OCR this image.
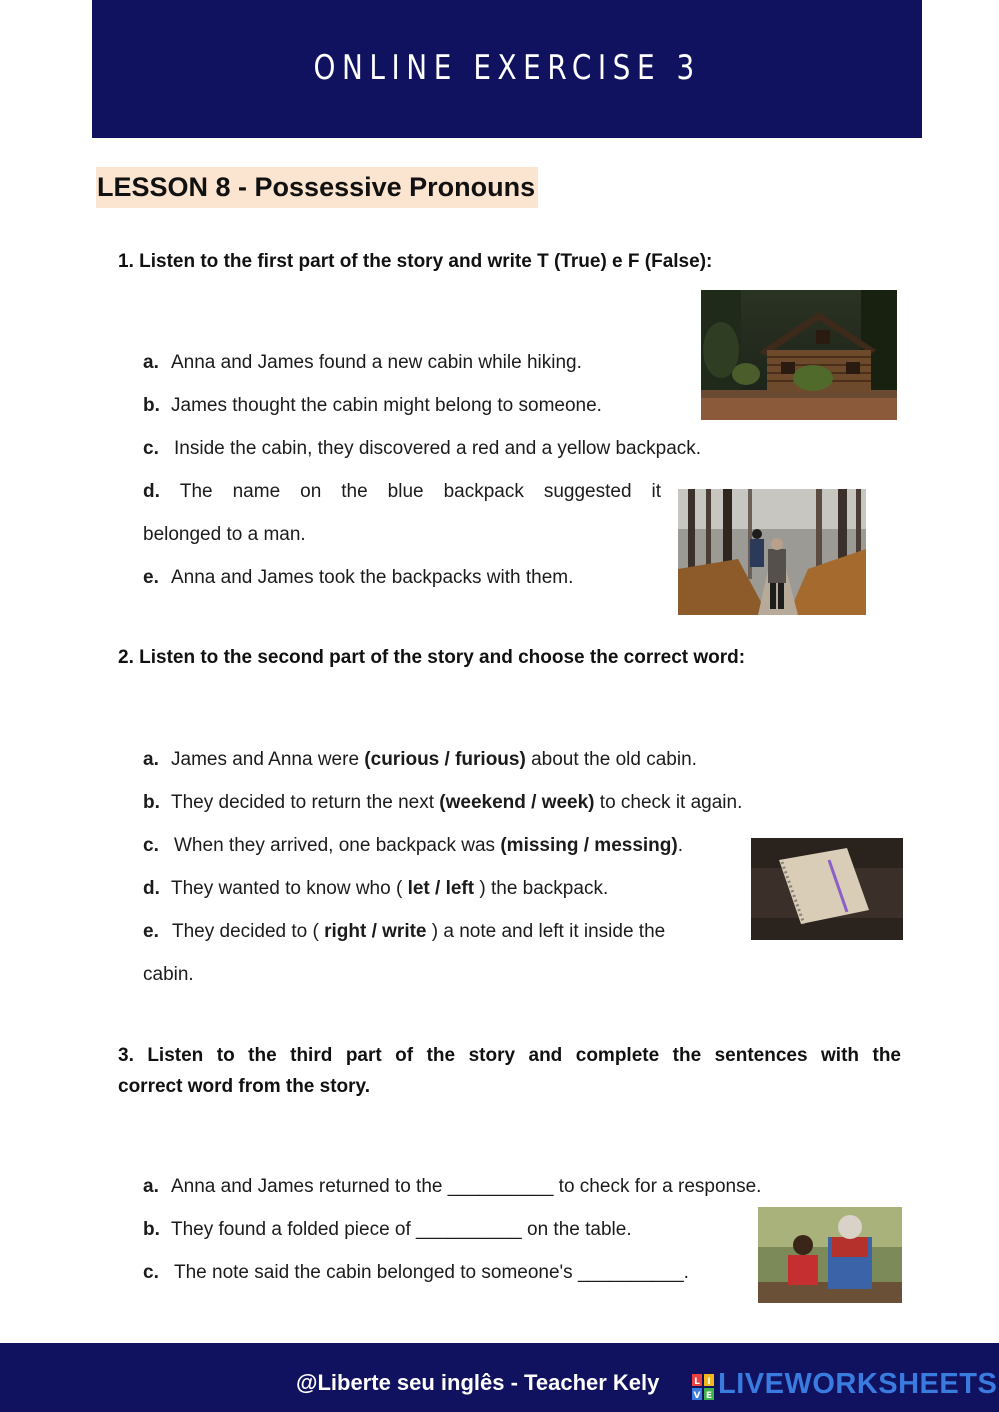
ONLINE EXERCISE 3
LESSON 8 - Possessive Pronouns
1. Listen to the first part of the story and write T (True) e F (False):
a. Anna and James found a new cabin while hiking.
b. James thought the cabin might belong to someone.
c. Inside the cabin, they discovered a red and a yellow backpack.
d. The name on the blue backpack suggested it
belonged to a man.
e. Anna and James took the backpacks with them.
2. Listen to the second part of the story and choose the correct word:
a. James and Anna were (curious / furious) about the old cabin.
b. They decided to return the next (weekend / week) to check it again.
c. When they arrived, one backpack was (missing / messing).
d. They wanted to know who ( let / left ) the backpack.
e. They decided to ( right / write ) a note and left it inside the
cabin.
3. Listen to the third part of the story and complete the sentences with the
correct word from the story.
a. Anna and James returned to the __________ to check for a response.
b. They found a folded piece of __________ on the table.
c. The note said the cabin belonged to someone's __________.
@Liberte seu inglês - Teacher Kely	L I
V E LIVEWORKSHEETS
